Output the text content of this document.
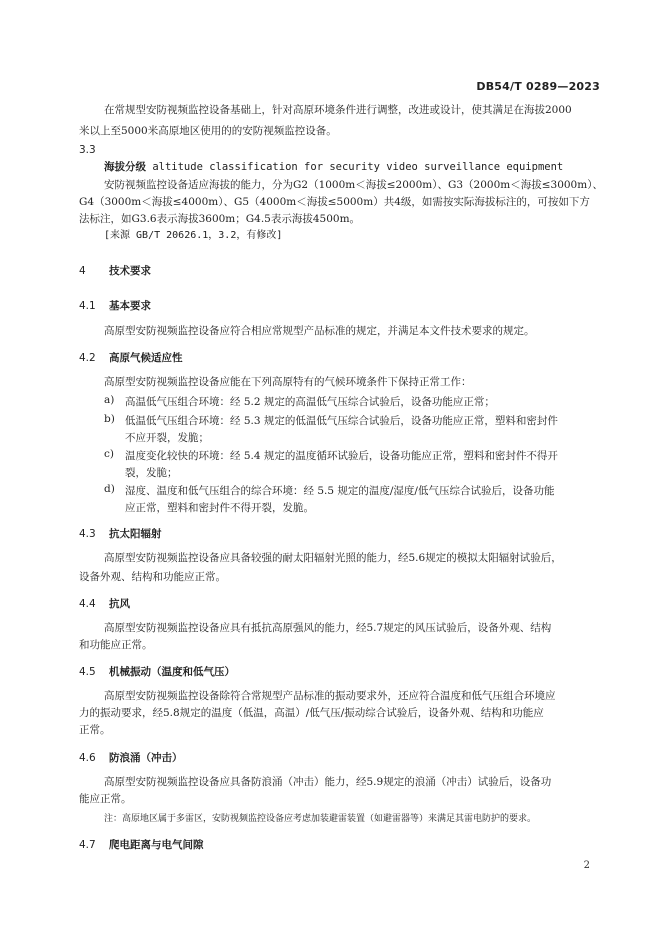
DB54/T 0289—2023
在常规型安防视频监控设备基础上，针对高原环境条件进行调整，改进或设计，使其满足在海拔2000
米以上至5000米高原地区使用的的安防视频监控设备。
3.3
海拔分级 altitude classification for security video surveillance equipment
安防视频监控设备适应海拔的能力，分为G2（1000m＜海拔≤2000m）、G3（2000m＜海拔≤3000m）、
G4（3000m＜海拔≤4000m）、G5（4000m＜海拔≤5000m）共4级，如需按实际海拔标注的，可按如下方
法标注，如G3.6表示海拔3600m；G4.5表示海拔4500m。
[来源 GB/T 20626.1，3.2，有修改]
4 技术要求
4.1 基本要求
高原型安防视频监控设备应符合相应常规型产品标准的规定，并满足本文件技术要求的规定。
4.2 高原气候适应性
高原型安防视频监控设备应能在下列高原特有的气候环境条件下保持正常工作：
a) 高温低气压组合环境：经 5.2 规定的高温低气压综合试验后，设备功能应正常；
b) 低温低气压组合环境：经 5.3 规定的低温低气压综合试验后，设备功能应正常，塑料和密封件
不应开裂，发脆；
c) 温度变化较快的环境：经 5.4 规定的温度循环试验后，设备功能应正常，塑料和密封件不得开
裂，发脆；
d) 湿度、温度和低气压组合的综合环境：经 5.5 规定的温度/湿度/低气压综合试验后，设备功能
应正常，塑料和密封件不得开裂，发脆。
4.3 抗太阳辐射
高原型安防视频监控设备应具备较强的耐太阳辐射光照的能力，经5.6规定的模拟太阳辐射试验后，
设备外观、结构和功能应正常。
4.4 抗风
高原型安防视频监控设备应具有抵抗高原强风的能力，经5.7规定的风压试验后，设备外观、结构
和功能应正常。
4.5 机械振动（温度和低气压）
高原型安防视频监控设备除符合常规型产品标准的振动要求外，还应符合温度和低气压组合环境应
力的振动要求，经5.8规定的温度（低温，高温）/低气压/振动综合试验后，设备外观、结构和功能应
正常。
4.6 防浪涌（冲击）
高原型安防视频监控设备应具备防浪涌（冲击）能力，经5.9规定的浪涌（冲击）试验后，设备功
能应正常。
注：高原地区属于多雷区，安防视频监控设备应考虑加装避雷装置（如避雷器等）来满足其雷电防护的要求。
4.7 爬电距离与电气间隙
2
